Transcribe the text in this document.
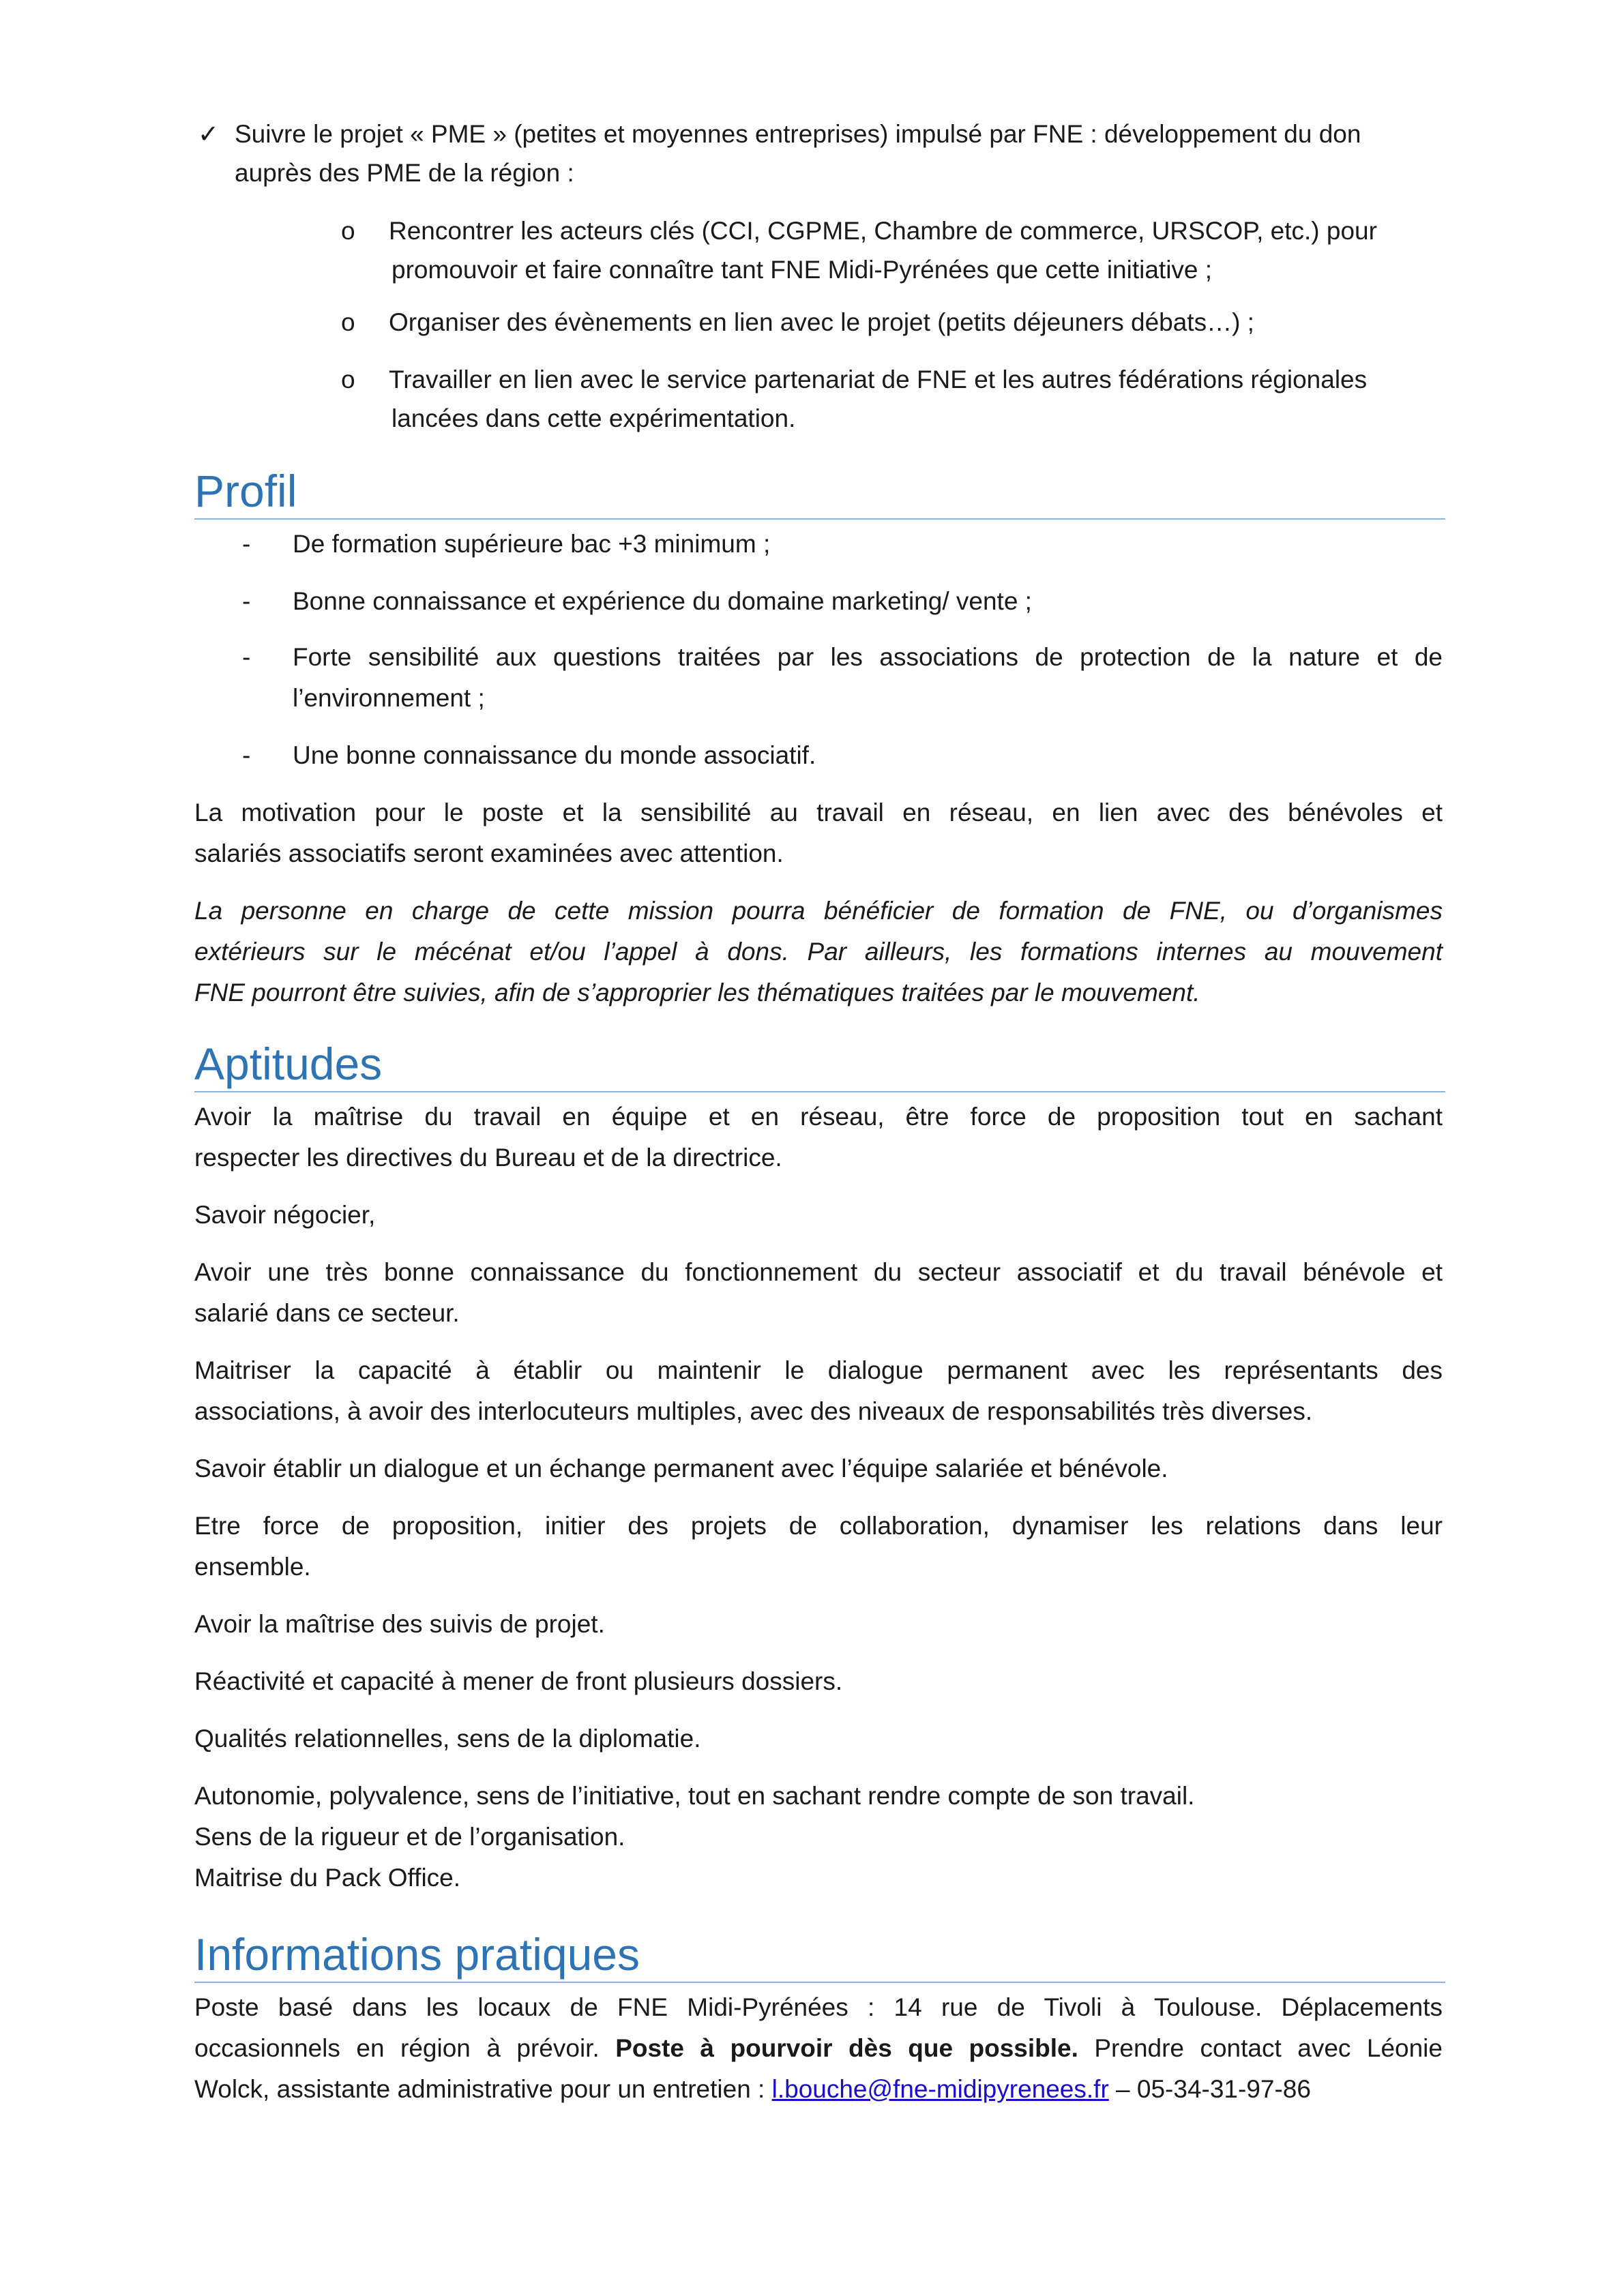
✓ Suivre le projet « PME » (petites et moyennes entreprises) impulsé par FNE : développement du don
auprès des PME de la région :
o	Rencontrer les acteurs clés (CCI, CGPME, Chambre de commerce, URSCOP, etc.) pour
promouvoir et faire connaître tant FNE Midi-Pyrénées que cette initiative ;
o	Organiser des évènements en lien avec le projet (petits déjeuners débats…) ;
o	Travailler en lien avec le service partenariat de FNE et les autres fédérations régionales
lancées dans cette expérimentation.
Profil
-	De formation supérieure bac +3 minimum ;
-	Bonne connaissance et expérience du domaine marketing/ vente ;
-	Forte sensibilité aux questions traitées par les associations de protection de la nature et de
l’environnement ;
-	Une bonne connaissance du monde associatif.
La motivation pour le poste et la sensibilité au travail en réseau, en lien avec des bénévoles et
salariés associatifs seront examinées avec attention.
La personne en charge de cette mission pourra bénéficier de formation de FNE, ou d’organismes
extérieurs sur le mécénat et/ou l’appel à dons. Par ailleurs, les formations internes au mouvement
FNE pourront être suivies, afin de s’approprier les thématiques traitées par le mouvement.
Aptitudes
Avoir la maîtrise du travail en équipe et en réseau, être force de proposition tout en sachant
respecter les directives du Bureau et de la directrice.
Savoir négocier,
Avoir une très bonne connaissance du fonctionnement du secteur associatif et du travail bénévole et
salarié dans ce secteur.
Maitriser la capacité à établir ou maintenir le dialogue permanent avec les représentants des
associations, à avoir des interlocuteurs multiples, avec des niveaux de responsabilités très diverses.
Savoir établir un dialogue et un échange permanent avec l’équipe salariée et bénévole.
Etre force de proposition, initier des projets de collaboration, dynamiser les relations dans leur
ensemble.
Avoir la maîtrise des suivis de projet.
Réactivité et capacité à mener de front plusieurs dossiers.
Qualités relationnelles, sens de la diplomatie.
Autonomie, polyvalence, sens de l’initiative, tout en sachant rendre compte de son travail.
Sens de la rigueur et de l’organisation.
Maitrise du Pack Office.
Informations pratiques
Poste basé dans les locaux de FNE Midi-Pyrénées : 14 rue de Tivoli à Toulouse. Déplacements
occasionnels en région à prévoir. Poste à pourvoir dès que possible. Prendre contact avec Léonie
Wolck, assistante administrative pour un entretien : l.bouche@fne-midipyrenees.fr – 05-34-31-97-86
